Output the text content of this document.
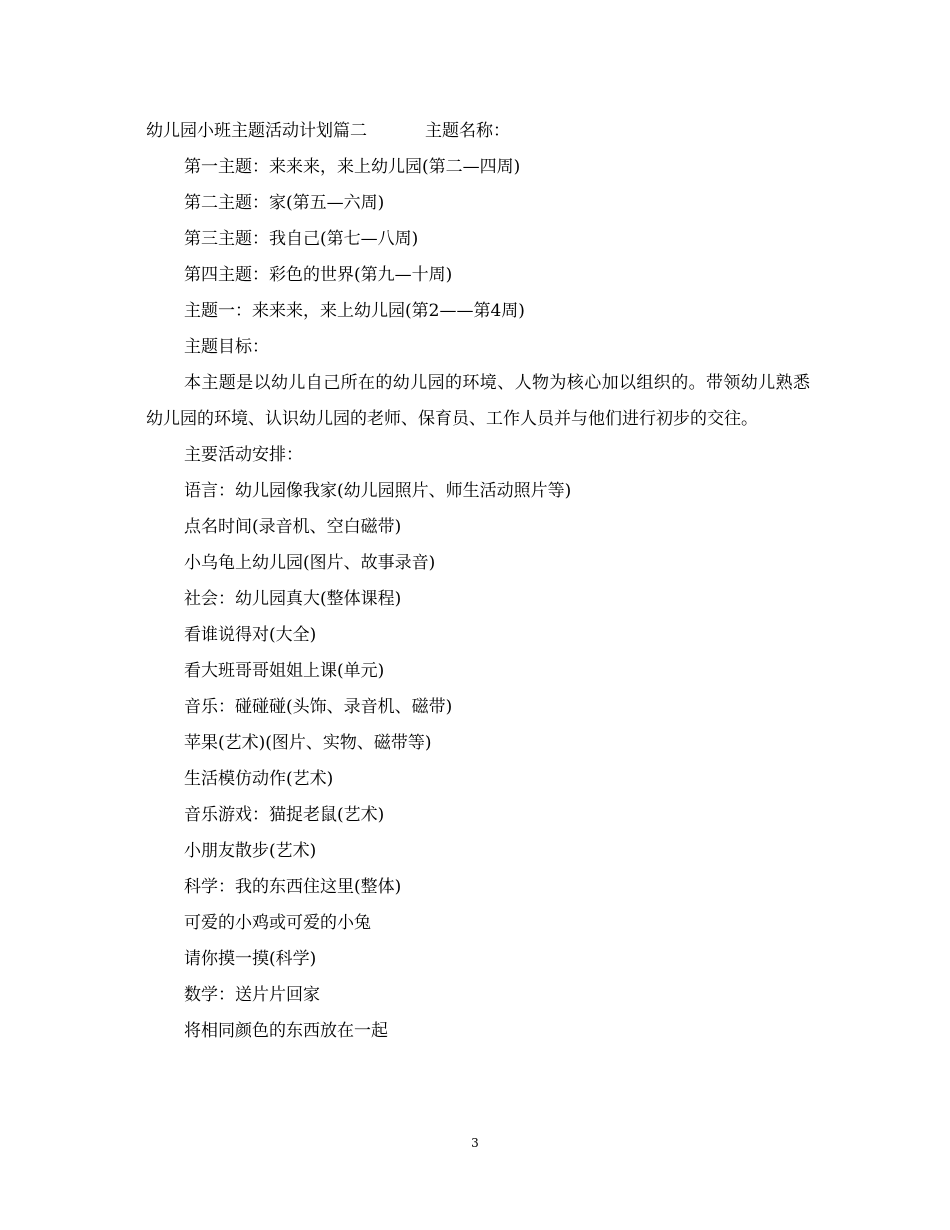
幼儿园小班主题活动计划篇二	主题名称：
第一主题：来来来，来上幼儿园(第二—四周)
第二主题：家(第五—六周)
第三主题：我自己(第七—八周)
第四主题：彩色的世界(第九—十周)
主题一：来来来，来上幼儿园(第2——第4周)
主题目标：

本主题是以幼儿自己所在的幼儿园的环境、人物为核心加以组织的。带领幼儿熟悉幼儿园的环境、认识幼儿园的老师、保育员、工作人员并与他们进行初步的交往。

主要活动安排：
语言：幼儿园像我家(幼儿园照片、师生活动照片等)
点名时间(录音机、空白磁带)
小乌龟上幼儿园(图片、故事录音)
社会：幼儿园真大(整体课程)
看谁说得对(大全)
看大班哥哥姐姐上课(单元)
音乐：碰碰碰(头饰、录音机、磁带)
苹果(艺术)(图片、实物、磁带等)
生活模仿动作(艺术)
音乐游戏：猫捉老鼠(艺术)
小朋友散步(艺术)
科学：我的东西住这里(整体)
可爱的小鸡或可爱的小兔
请你摸一摸(科学)
数学：送片片回家
将相同颜色的东西放在一起
3
